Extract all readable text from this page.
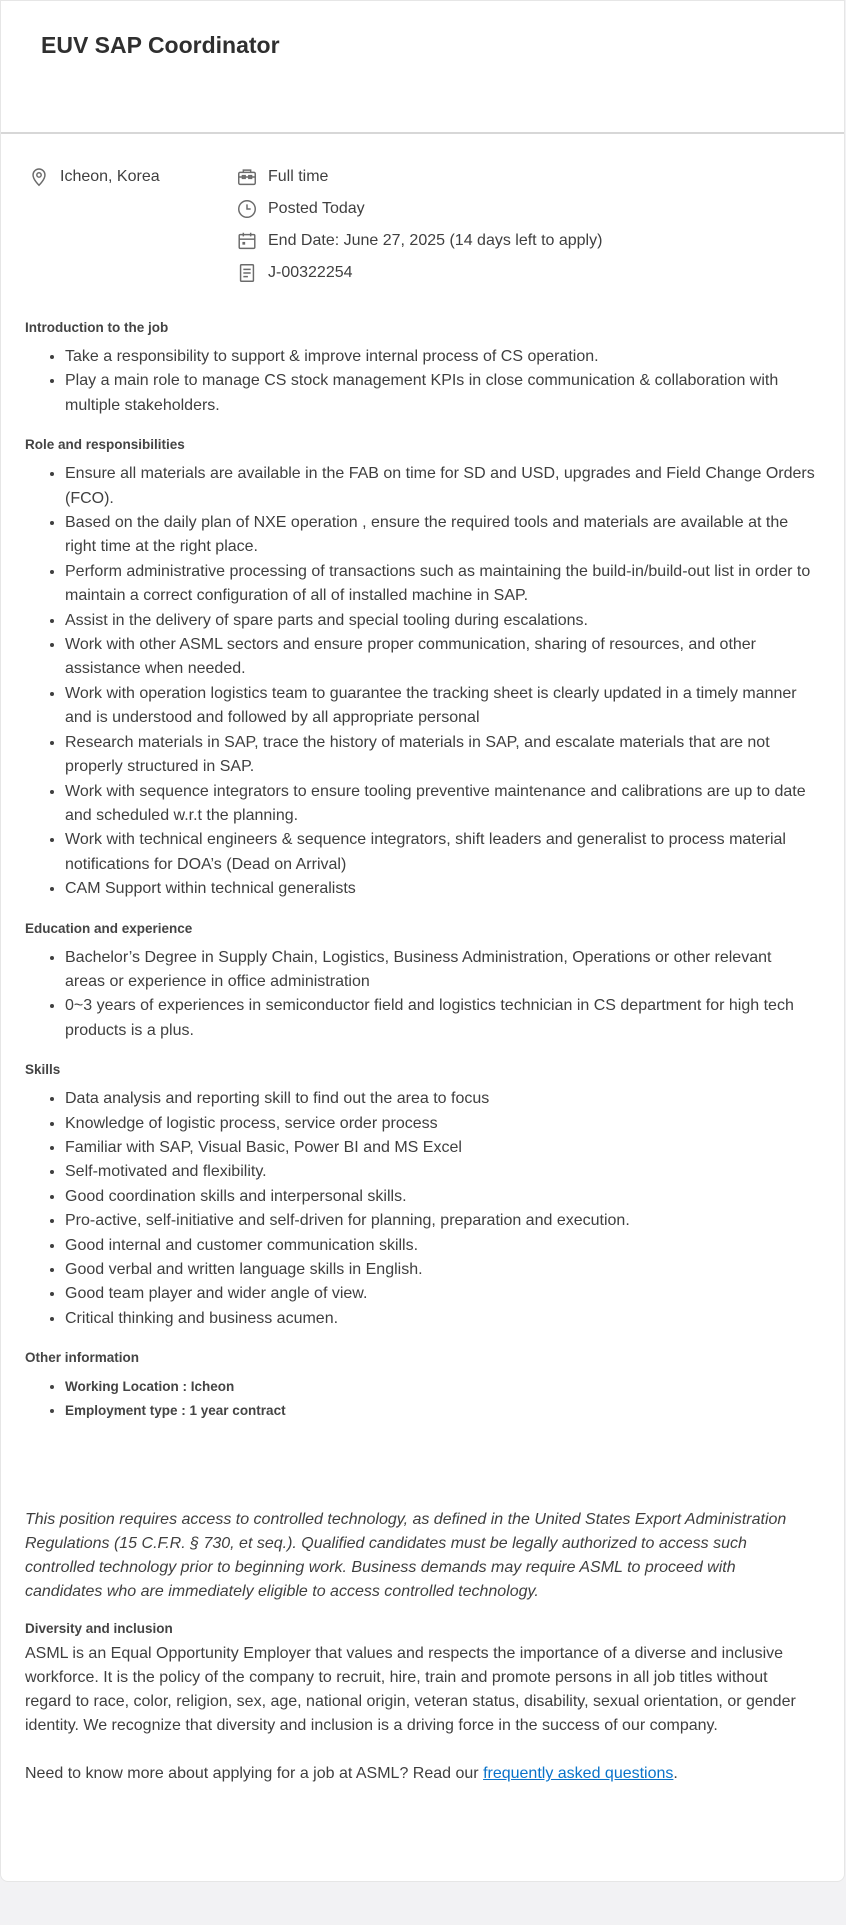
EUV SAP Coordinator
Icheon, Korea	Full time
Posted Today
End Date: June 27, 2025 (14 days left to apply)
J-00322254
Introduction to the job
• Take a responsibility to support & improve internal process of CS operation.
• Play a main role to manage CS stock management KPIs in close communication & collaboration with multiple stakeholders.
Role and responsibilities
• Ensure all materials are available in the FAB on time for SD and USD, upgrades and Field Change Orders (FCO).
• Based on the daily plan of NXE operation , ensure the required tools and materials are available at the right time at the right place.
• Perform administrative processing of transactions such as maintaining the build-in/build-out list in order to maintain a correct configuration of all of installed machine in SAP.
• Assist in the delivery of spare parts and special tooling during escalations.
• Work with other ASML sectors and ensure proper communication, sharing of resources, and other assistance when needed.
• Work with operation logistics team to guarantee the tracking sheet is clearly updated in a timely manner and is understood and followed by all appropriate personal
• Research materials in SAP, trace the history of materials in SAP, and escalate materials that are not properly structured in SAP.
• Work with sequence integrators to ensure tooling preventive maintenance and calibrations are up to date and scheduled w.r.t the planning.
• Work with technical engineers & sequence integrators, shift leaders and generalist to process material notifications for DOA’s (Dead on Arrival)
• CAM Support within technical generalists
Education and experience
• Bachelor’s Degree in Supply Chain, Logistics, Business Administration, Operations or other relevant areas or experience in office administration
• 0~3 years of experiences in semiconductor field and logistics technician in CS department for high tech products is a plus.
Skills
• Data analysis and reporting skill to find out the area to focus
• Knowledge of logistic process, service order process
• Familiar with SAP, Visual Basic, Power BI and MS Excel
• Self-motivated and flexibility.
• Good coordination skills and interpersonal skills.
• Pro-active, self-initiative and self-driven for planning, preparation and execution.
• Good internal and customer communication skills.
• Good verbal and written language skills in English.
• Good team player and wider angle of view.
• Critical thinking and business acumen.
Other information
• Working Location : Icheon
• Employment type : 1 year contract

This position requires access to controlled technology, as defined in the United States Export Administration Regulations (15 C.F.R. § 730, et seq.). Qualified candidates must be legally authorized to access such controlled technology prior to beginning work. Business demands may require ASML to proceed with candidates who are immediately eligible to access controlled technology.

Diversity and inclusion

ASML is an Equal Opportunity Employer that values and respects the importance of a diverse and inclusive workforce. It is the policy of the company to recruit, hire, train and promote persons in all job titles without regard to race, color, religion, sex, age, national origin, veteran status, disability, sexual orientation, or gender identity. We recognize that diversity and inclusion is a driving force in the success of our company.

Need to know more about applying for a job at ASML? Read our frequently asked questions.
